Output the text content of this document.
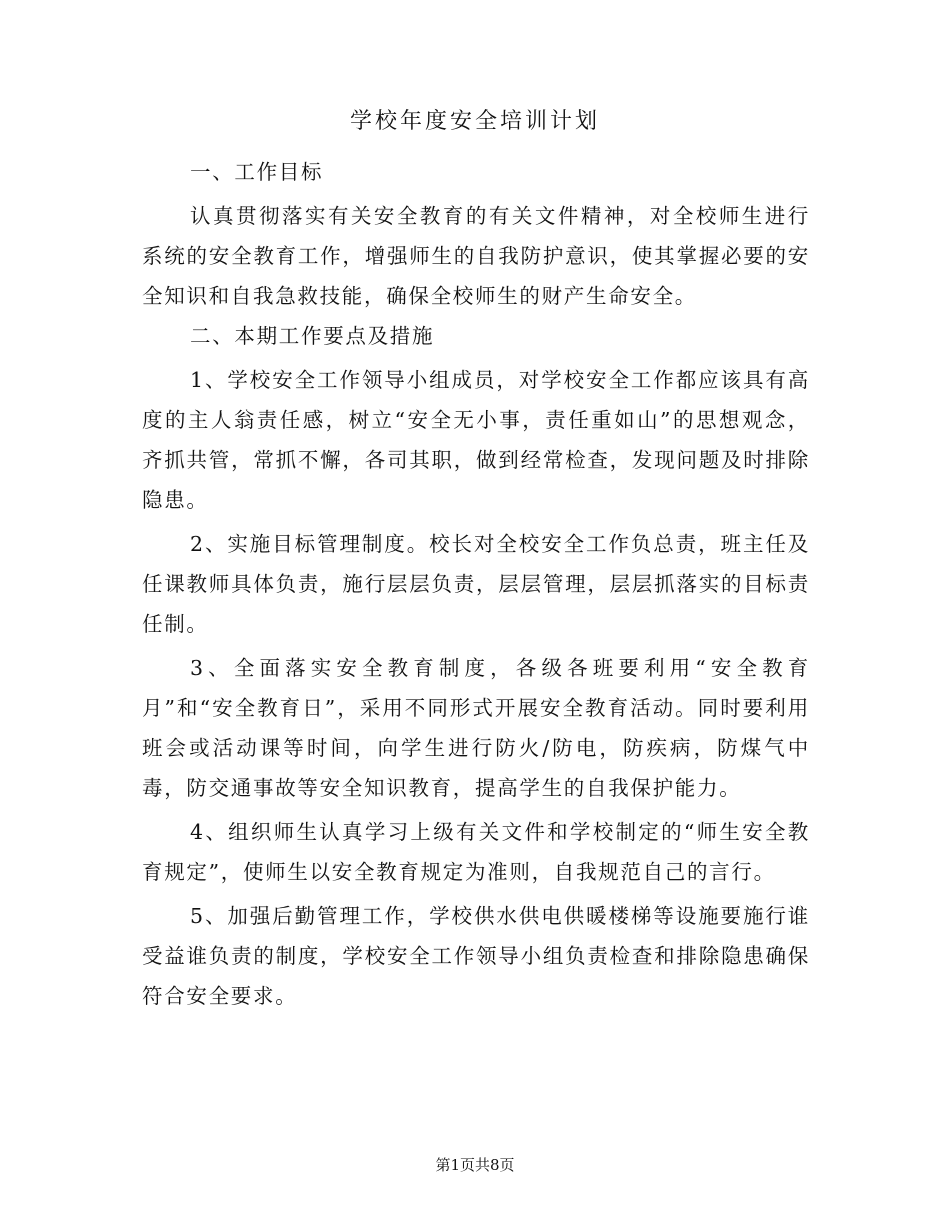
学校年度安全培训计划

一、工作目标

认真贯彻落实有关安全教育的有关文件精神，对全校师生进行系统的安全教育工作，增强师生的自我防护意识，使其掌握必要的安全知识和自我急救技能，确保全校师生的财产生命安全。

二、本期工作要点及措施

1、学校安全工作领导小组成员，对学校安全工作都应该具有高度的主人翁责任感，树立“安全无小事，责任重如山”的思想观念，齐抓共管，常抓不懈，各司其职，做到经常检查，发现问题及时排除隐患。

2、实施目标管理制度。校长对全校安全工作负总责，班主任及任课教师具体负责，施行层层负责，层层管理，层层抓落实的目标责任制。

3、全面落实安全教育制度，各级各班要利用“安全教育月”和“安全教育日”，采用不同形式开展安全教育活动。同时要利用班会或活动课等时间，向学生进行防火/防电，防疾病，防煤气中毒，防交通事故等安全知识教育，提高学生的自我保护能力。

4、组织师生认真学习上级有关文件和学校制定的“师生安全教育规定”，使师生以安全教育规定为准则，自我规范自己的言行。

5、加强后勤管理工作，学校供水供电供暖楼梯等设施要施行谁受益谁负责的制度，学校安全工作领导小组负责检查和排除隐患确保符合安全要求。

第1页共8页
